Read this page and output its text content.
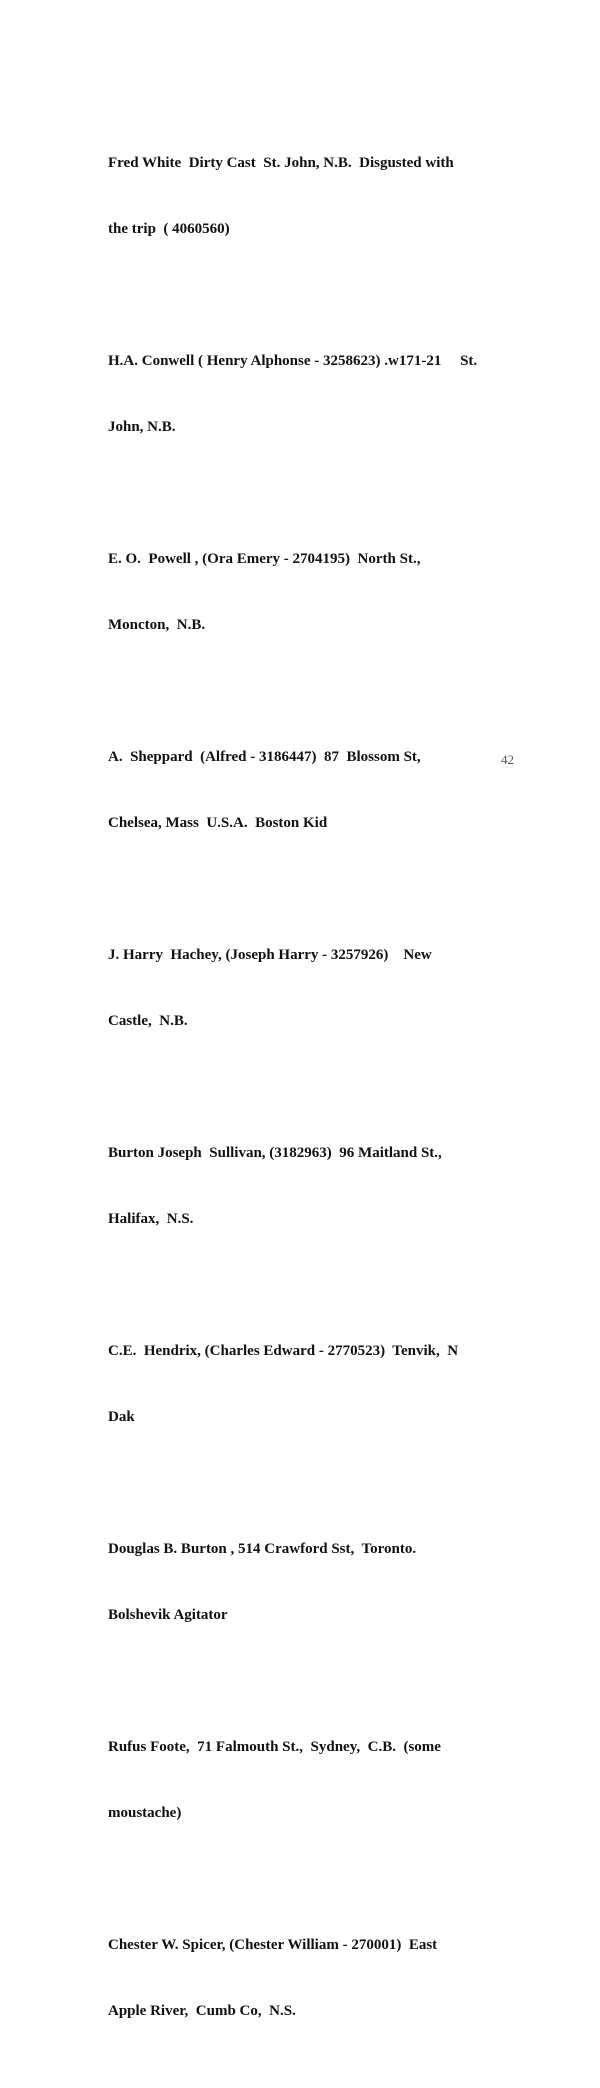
Fred White  Dirty Cast  St. John, N.B.  Disgusted with

the trip  ( 4060560)

H.A. Conwell ( Henry Alphonse - 3258623) .w171-21     St.

John, N.B.

E. O.  Powell , (Ora Emery - 2704195)  North St.,

Moncton,  N.B.

A.  Sheppard  (Alfred - 3186447)  87  Blossom St,

Chelsea, Mass  U.S.A.  Boston Kid

J. Harry  Hachey, (Joseph Harry - 3257926)    New

Castle,  N.B.

Burton Joseph  Sullivan, (3182963)  96 Maitland St.,

Halifax,  N.S.

C.E.  Hendrix, (Charles Edward - 2770523)  Tenvik,  N

Dak

Douglas B. Burton , 514 Crawford Sst,  Toronto.

Bolshevik Agitator

Rufus Foote,  71 Falmouth St.,  Sydney,  C.B.  (some

moustache)

Chester W. Spicer, (Chester William - 270001)  East

Apple River,  Cumb Co,  N.S.

42
